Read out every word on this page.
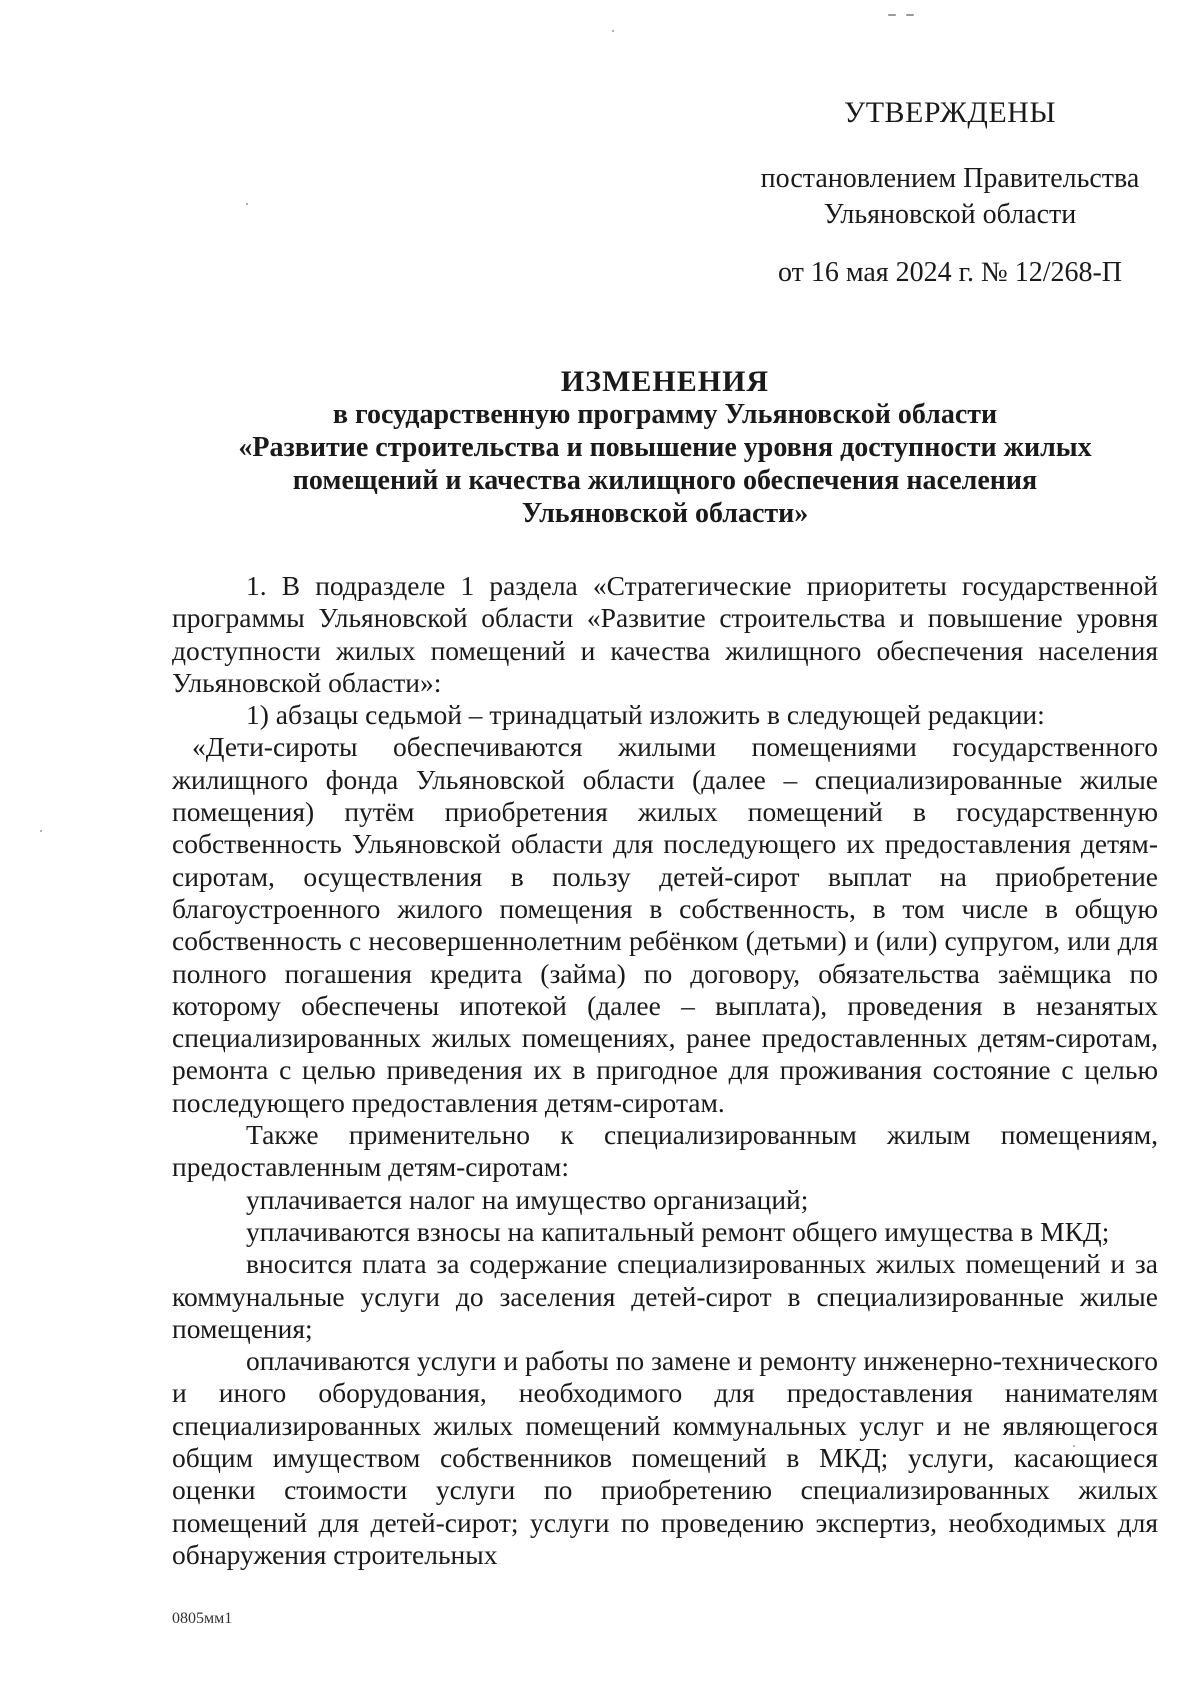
УТВЕРЖДЕНЫ
постановлением Правительства
Ульяновской области
от 16 мая 2024 г. № 12/268-П
ИЗМЕНЕНИЯ
в государственную программу Ульяновской области
«Развитие строительства и повышение уровня доступности жилых
помещений и качества жилищного обеспечения населения
Ульяновской области»

1. В подразделе 1 раздела «Стратегические приоритеты государственной программы Ульяновской области «Развитие строительства и повышение уровня доступности жилых помещений и качества жилищного обеспечения населения Ульяновской области»:

1) абзацы седьмой – тринадцатый изложить в следующей редакции:

«Дети-сироты обеспечиваются жилыми помещениями государственного жилищного фонда Ульяновской области (далее – специализированные жилые помещения) путём приобретения жилых помещений в государственную собственность Ульяновской области для последующего их предоставления детям-сиротам, осуществления в пользу детей-сирот выплат на приобретение благоустроенного жилого помещения в собственность, в том числе в общую собственность с несовершеннолетним ребёнком (детьми) и (или) супругом, или для полного погашения кредита (займа) по договору, обязательства заёмщика по которому обеспечены ипотекой (далее – выплата), проведения в незанятых специализированных жилых помещениях, ранее предоставленных детям-сиротам, ремонта с целью приведения их в пригодное для проживания состояние с целью последующего предоставления детям-сиротам.

Также применительно к специализированным жилым помещениям, предоставленным детям-сиротам:

уплачивается налог на имущество организаций;

уплачиваются взносы на капитальный ремонт общего имущества в МКД;

вносится плата за содержание специализированных жилых помещений и за коммунальные услуги до заселения детей-сирот в специализированные жилые помещения;

оплачиваются услуги и работы по замене и ремонту инженерно-технического и иного оборудования, необходимого для предоставления нанимателям специализированных жилых помещений коммунальных услуг и не являющегося общим имуществом собственников помещений в МКД; услуги, касающиеся оценки стоимости услуги по приобретению специализированных жилых помещений для детей-сирот; услуги по проведению экспертиз, необходимых для обнаружения строительных

0805мм1
